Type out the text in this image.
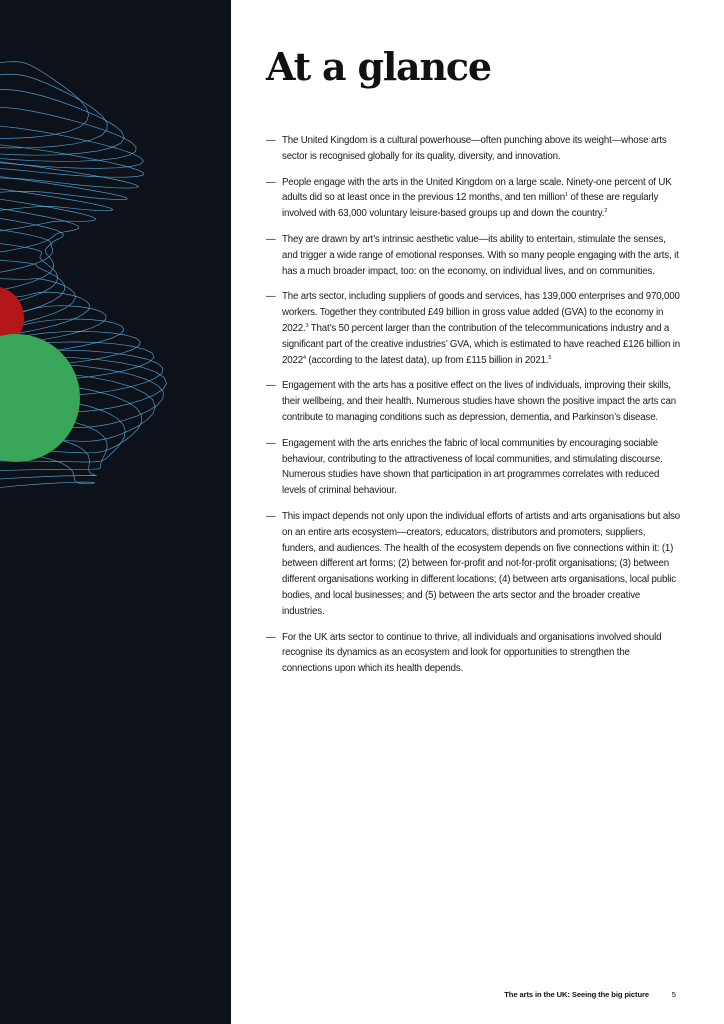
At a glance
— The United Kingdom is a cultural powerhouse—often punching above its weight—whose arts sector is recognised globally for its quality, diversity, and innovation.
— People engage with the arts in the United Kingdom on a large scale. Ninety-one percent of UK adults did so at least once in the previous 12 months, and ten million$^1$ of these are regularly involved with 63,000 voluntary leisure-based groups up and down the country.$^2$
— They are drawn by art’s intrinsic aesthetic value—its ability to entertain, stimulate the senses, and trigger a wide range of emotional responses. With so many people engaging with the arts, it has a much broader impact, too: on the economy, on individual lives, and on communities.
— The arts sector, including suppliers of goods and services, has 139,000 enterprises and 970,000 workers. Together they contributed £49 billion in gross value added (GVA) to the economy in 2022.$^3$ That’s 50 percent larger than the contribution of the telecommunications industry and a significant part of the creative industries’ GVA, which is estimated to have reached £126 billion in 2022$^4$ (according to the latest data), up from £115 billion in 2021.$^5$
— Engagement with the arts has a positive effect on the lives of individuals, improving their skills, their wellbeing, and their health. Numerous studies have shown the positive impact the arts can contribute to managing conditions such as depression, dementia, and Parkinson’s disease.
— Engagement with the arts enriches the fabric of local communities by encouraging sociable behaviour, contributing to the attractiveness of local communities, and stimulating discourse. Numerous studies have shown that participation in art programmes correlates with reduced levels of criminal behaviour.
— This impact depends not only upon the individual efforts of artists and arts organisations but also on an entire arts ecosystem—creators, educators, distributors and promoters, suppliers, funders, and audiences. The health of the ecosystem depends on five connections within it: (1) between different art forms; (2) between for-profit and not-for-profit organisations; (3) between different organisations working in different locations; (4) between arts organisations, local public bodies, and local businesses; and (5) between the arts sector and the broader creative industries.
— For the UK arts sector to continue to thrive, all individuals and organisations involved should recognise its dynamics as an ecosystem and look for opportunities to strengthen the connections upon which its health depends.
The arts in the UK: Seeing the big picture	5
